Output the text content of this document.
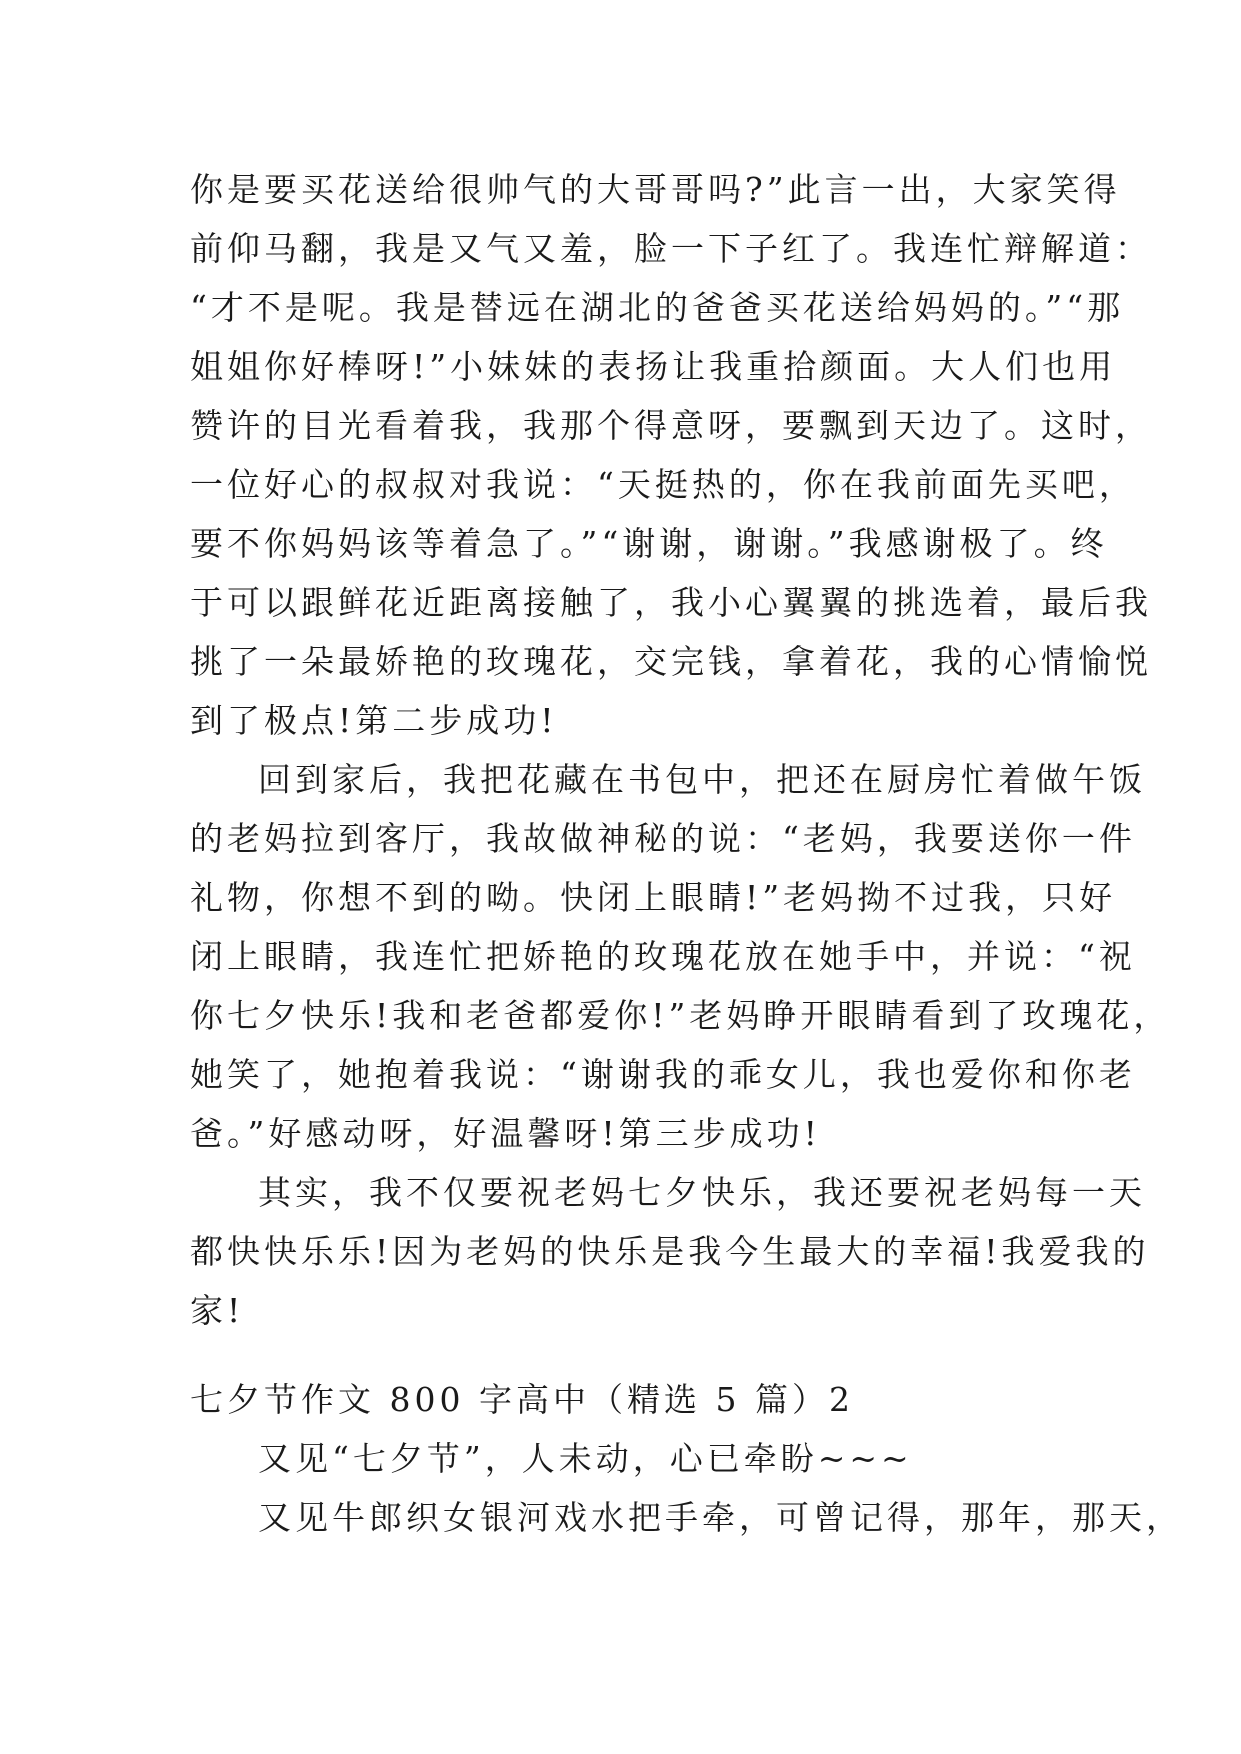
你是要买花送给很帅气的大哥哥吗?”此言一出，大家笑得
前仰马翻，我是又气又羞，脸一下子红了。我连忙辩解道：
“才不是呢。我是替远在湖北的爸爸买花送给妈妈的。”“那
姐姐你好棒呀!”小妹妹的表扬让我重拾颜面。大人们也用
赞许的目光看着我，我那个得意呀，要飘到天边了。这时，
一位好心的叔叔对我说：“天挺热的，你在我前面先买吧，
要不你妈妈该等着急了。”“谢谢，谢谢。”我感谢极了。终
于可以跟鲜花近距离接触了，我小心翼翼的挑选着，最后我
挑了一朵最娇艳的玫瑰花，交完钱，拿着花，我的心情愉悦
到了极点!第二步成功!
回到家后，我把花藏在书包中，把还在厨房忙着做午饭
的老妈拉到客厅，我故做神秘的说：“老妈，我要送你一件
礼物，你想不到的呦。快闭上眼睛!”老妈拗不过我，只好
闭上眼睛，我连忙把娇艳的玫瑰花放在她手中，并说：“祝
你七夕快乐!我和老爸都爱你!”老妈睁开眼睛看到了玫瑰花，
她笑了，她抱着我说：“谢谢我的乖女儿，我也爱你和你老
爸。”好感动呀，好温馨呀!第三步成功!
其实，我不仅要祝老妈七夕快乐，我还要祝老妈每一天
都快快乐乐!因为老妈的快乐是我今生最大的幸福!我爱我的
家!
七夕节作文 800 字高中（精选 5 篇）2
又见“七夕节”，人未动，心已牵盼~~~
又见牛郎织女银河戏水把手牵，可曾记得，那年，那天，
